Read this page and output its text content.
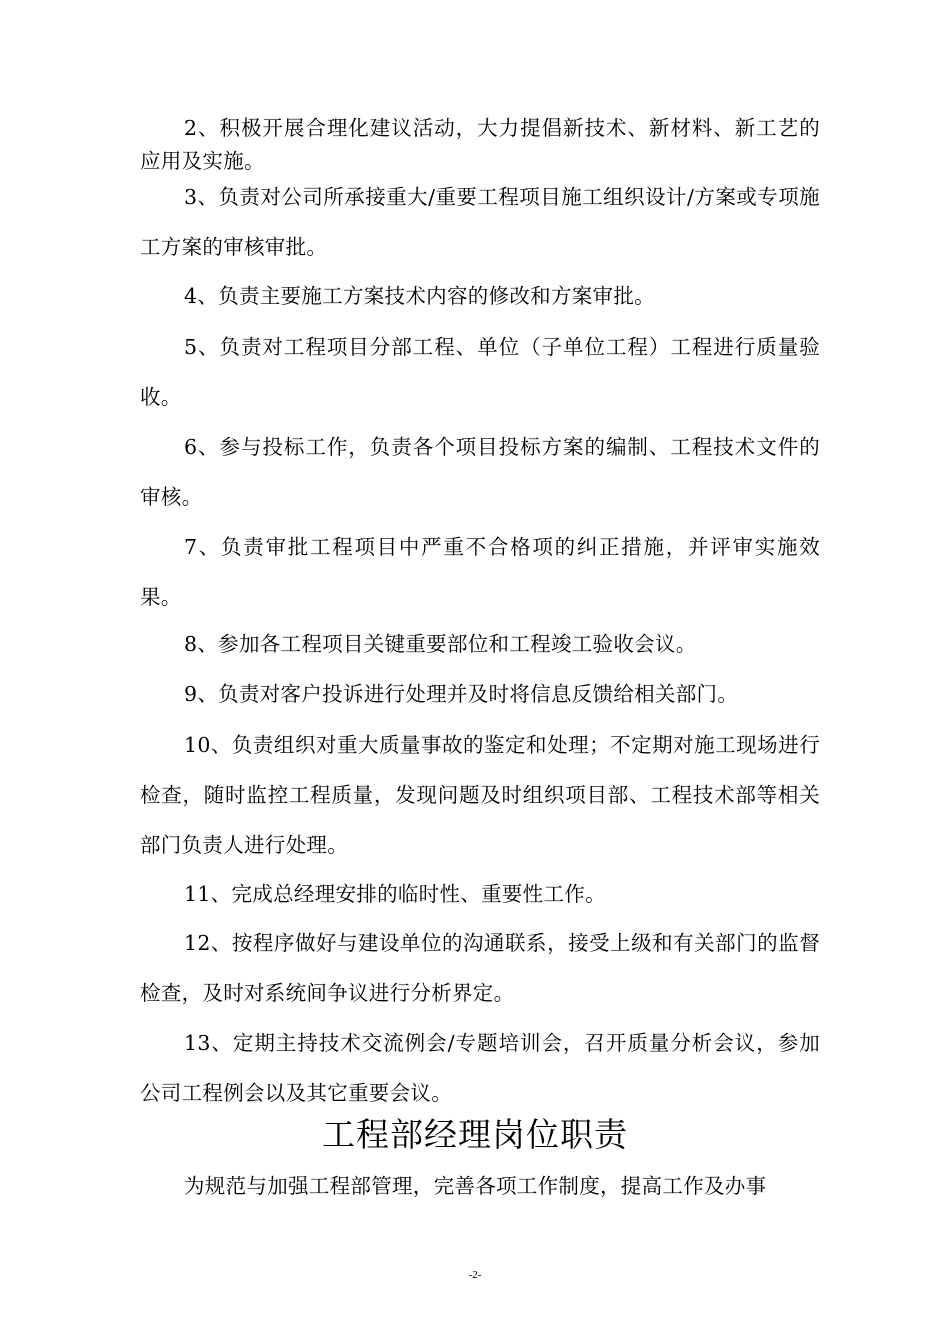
2、积极开展合理化建议活动，大力提倡新技术、新材料、新工艺的应用及实施。

3、负责对公司所承接重大/重要工程项目施工组织设计/方案或专项施工方案的审核审批。

4、负责主要施工方案技术内容的修改和方案审批。

5、负责对工程项目分部工程、单位（子单位工程）工程进行质量验收。

6、参与投标工作，负责各个项目投标方案的编制、工程技术文件的审核。

7、负责审批工程项目中严重不合格项的纠正措施，并评审实施效果。

8、参加各工程项目关键重要部位和工程竣工验收会议。

9、负责对客户投诉进行处理并及时将信息反馈给相关部门。

10、负责组织对重大质量事故的鉴定和处理；不定期对施工现场进行检查，随时监控工程质量，发现问题及时组织项目部、工程技术部等相关部门负责人进行处理。

11、完成总经理安排的临时性、重要性工作。

12、按程序做好与建设单位的沟通联系，接受上级和有关部门的监督检查，及时对系统间争议进行分析界定。

13、定期主持技术交流例会/专题培训会，召开质量分析会议，参加公司工程例会以及其它重要会议。

工程部经理岗位职责

为规范与加强工程部管理，完善各项工作制度，提高工作及办事

-2-
